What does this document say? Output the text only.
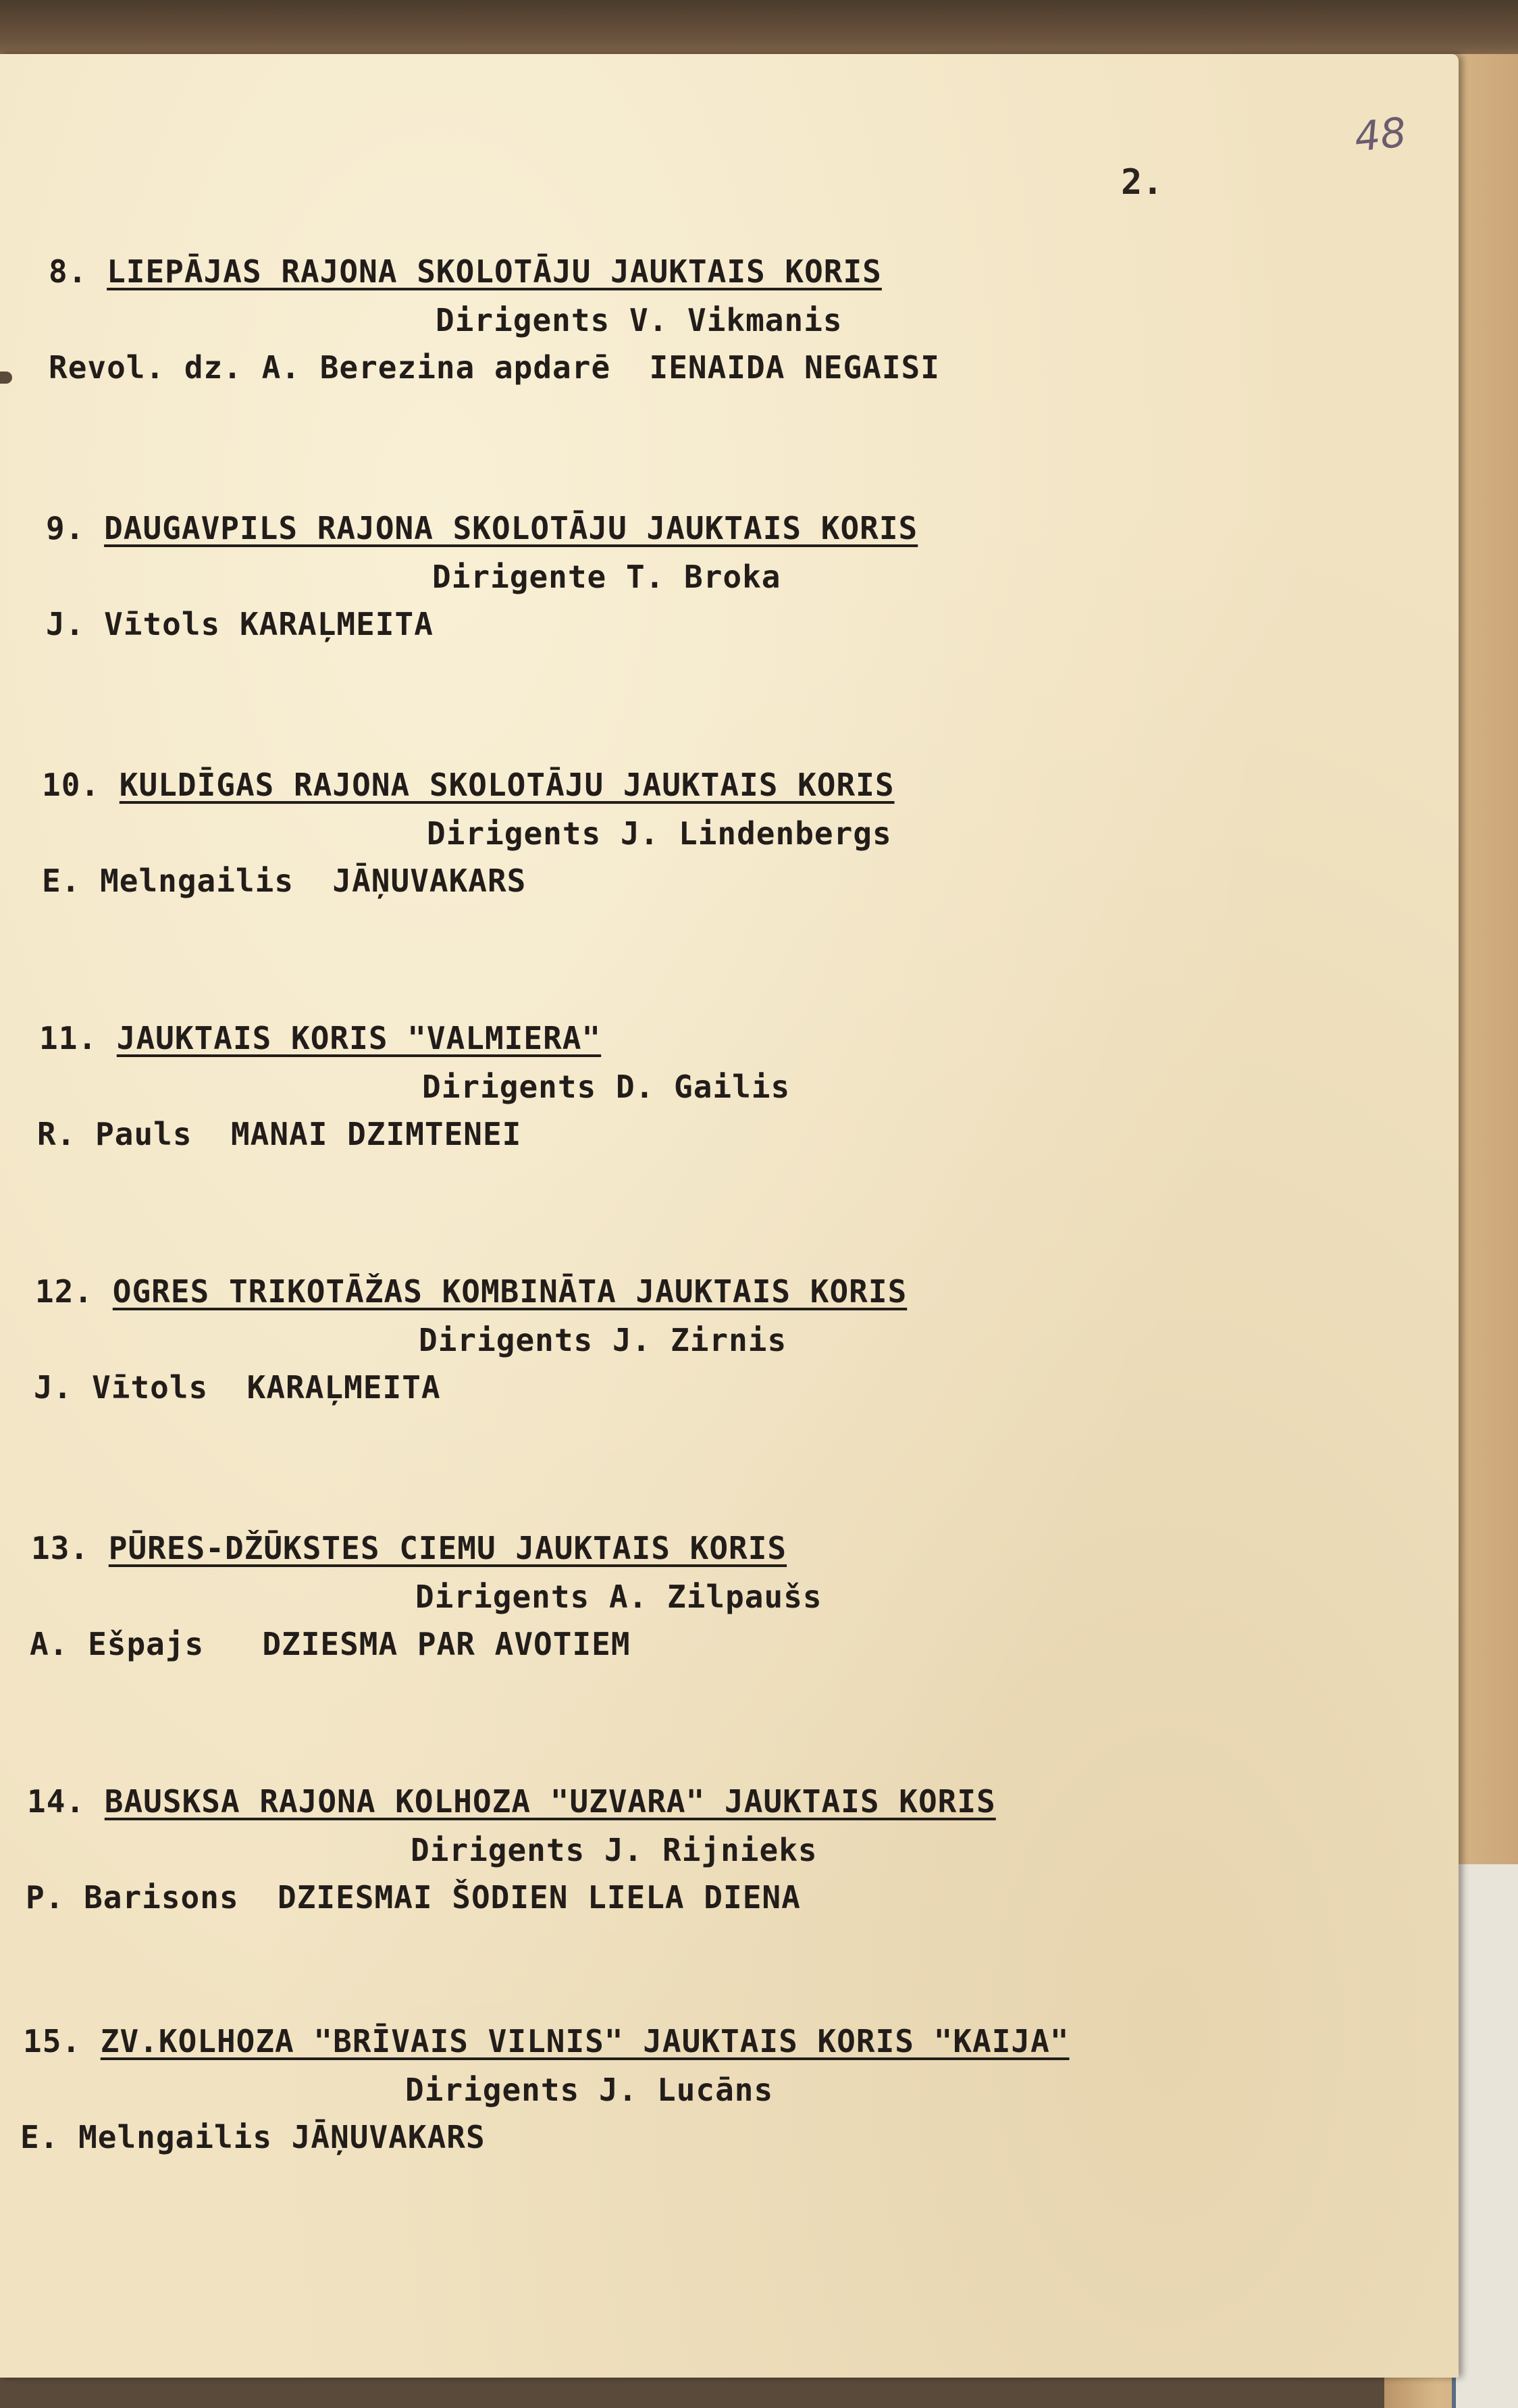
48
2.
8. LIEPĀJAS RAJONA SKOLOTĀJU JAUKTAIS KORIS
Dirigents V. Vikmanis
Revol. dz. A. Berezina apdarē  IENAIDA NEGAISI
9. DAUGAVPILS RAJONA SKOLOTĀJU JAUKTAIS KORIS
Dirigente T. Broka
J. Vītols KARAĻMEITA
10. KULDĪGAS RAJONA SKOLOTĀJU JAUKTAIS KORIS
Dirigents J. Lindenbergs
E. Melngailis  JĀŅUVAKARS
11. JAUKTAIS KORIS "VALMIERA"
Dirigents D. Gailis
R. Pauls  MANAI DZIMTENEI
12. OGRES TRIKOTĀŽAS KOMBINĀTA JAUKTAIS KORIS
Dirigents J. Zirnis
J. Vītols  KARAĻMEITA
13. PŪRES-DŽŪKSTES CIEMU JAUKTAIS KORIS
Dirigents A. Zilpaušs
A. Ešpajs   DZIESMA PAR AVOTIEM
14. BAUSKSA RAJONA KOLHOZA "UZVARA" JAUKTAIS KORIS
Dirigents J. Rijnieks
P. Barisons  DZIESMAI ŠODIEN LIELA DIENA
15. ZV.KOLHOZA "BRĪVAIS VILNIS" JAUKTAIS KORIS "KAIJA"
Dirigents J. Lucāns
E. Melngailis JĀŅUVAKARS
